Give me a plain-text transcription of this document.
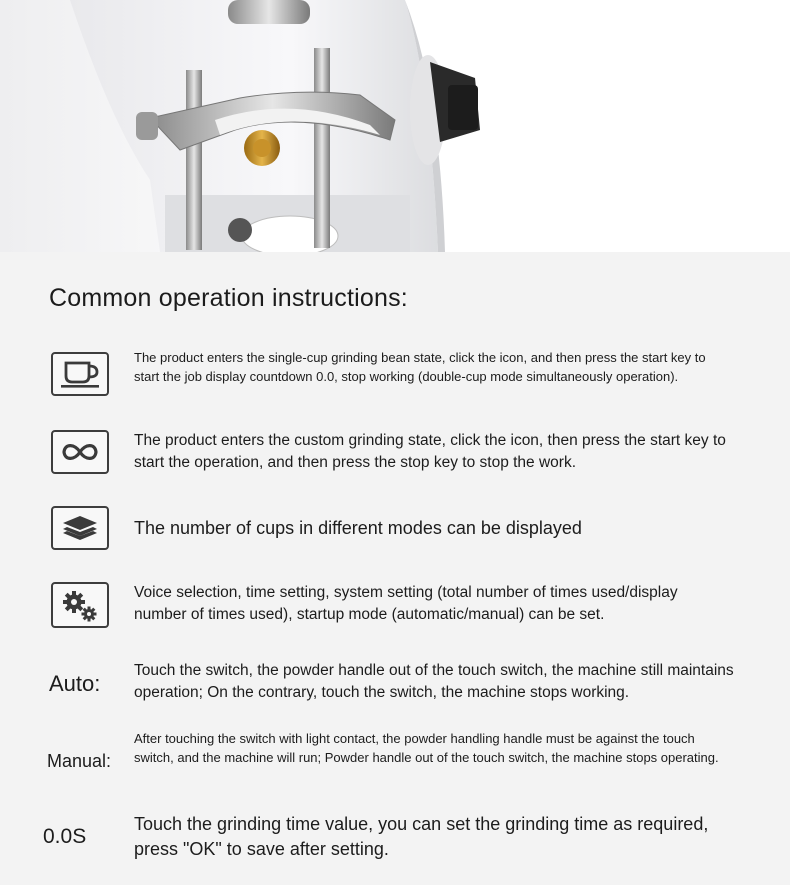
Common operation instructions:
The product enters the single-cup grinding bean state, click the icon, and then press the start key to start the job display countdown 0.0, stop working (double-cup mode simultaneously operation).
The product enters the custom grinding state, click the icon, then press the start key to start the operation, and then press the stop key to stop the work.
The number of cups in different modes can be displayed
Voice selection, time setting, system setting (total number of times used/display number of times used), startup mode (automatic/manual) can be set.
Auto:
Touch the switch, the powder handle out of the touch switch, the machine still maintains operation; On the contrary, touch the switch, the machine stops working.
Manual:
After touching the switch with light contact, the powder handling handle must be against the touch switch, and the machine will run; Powder handle out of the touch switch, the machine stops operating.
0.0S
Touch the grinding time value, you can set the grinding time as required, press "OK" to save after setting.
